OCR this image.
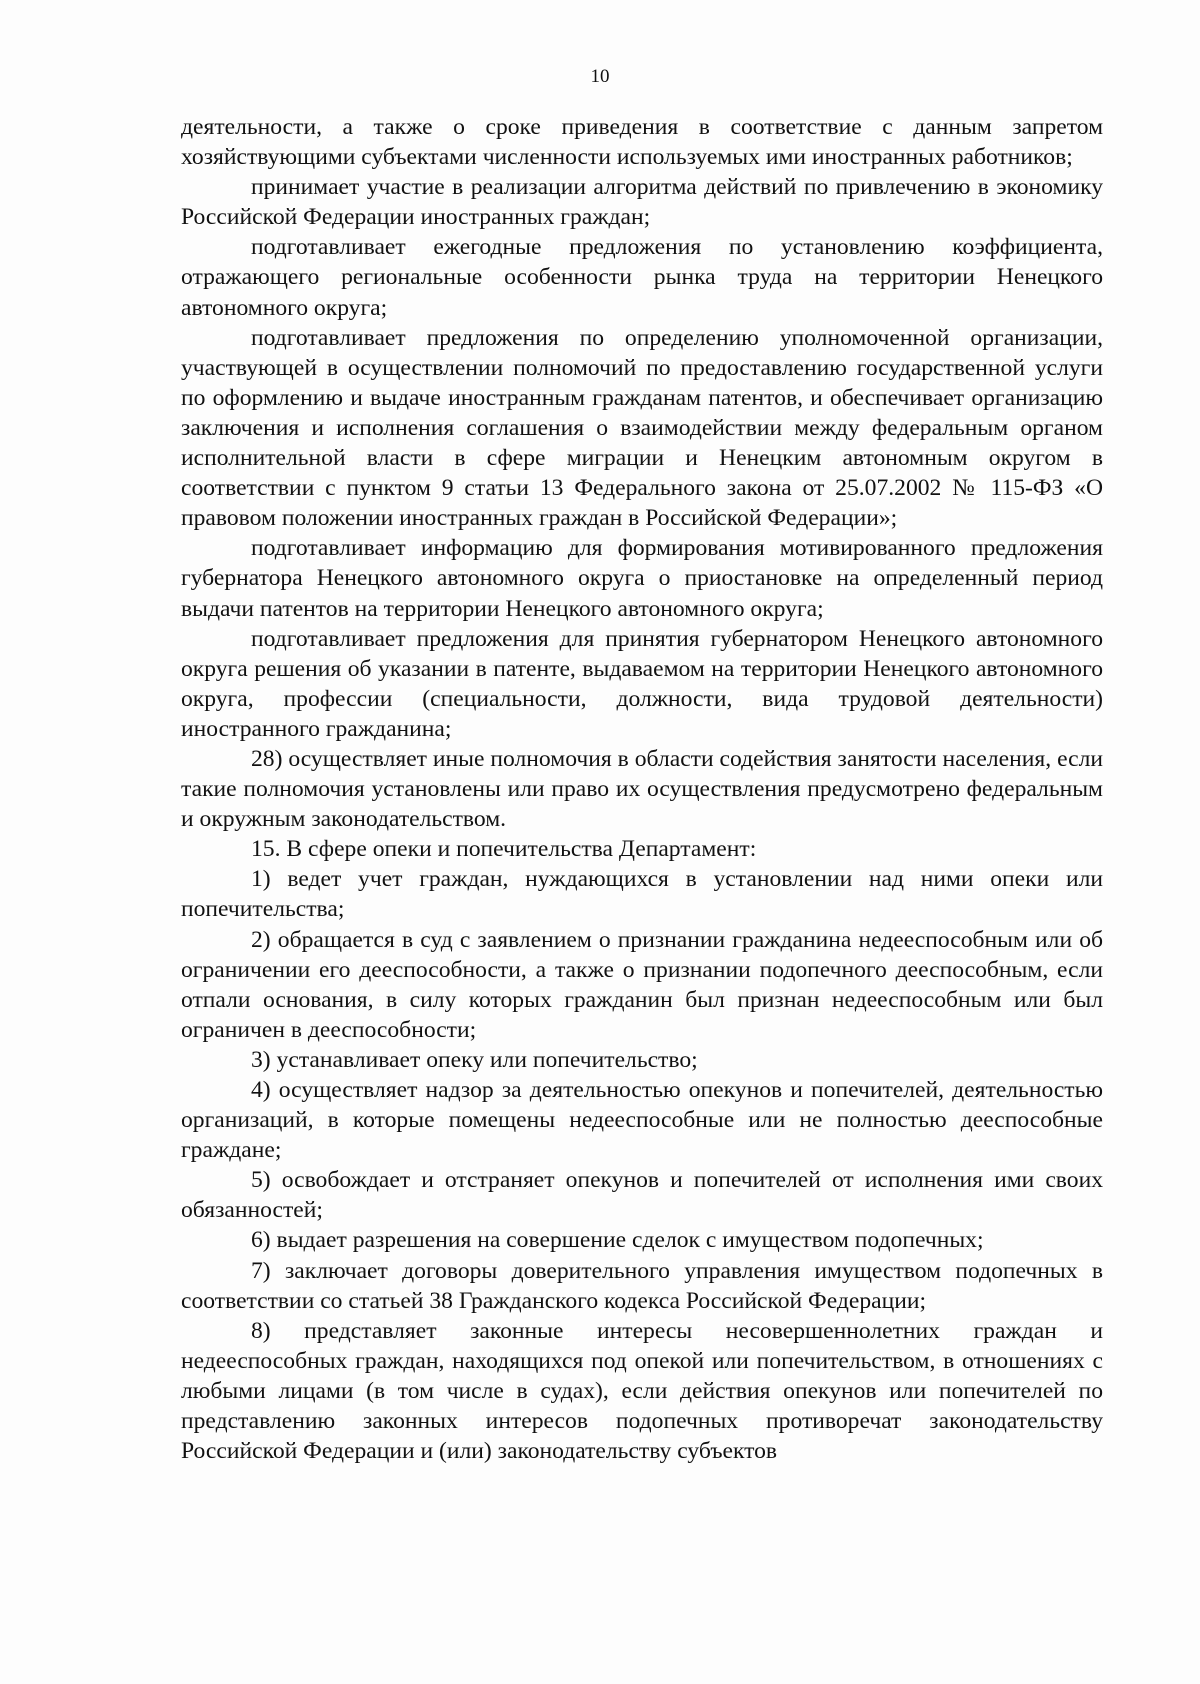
10

деятельности, а также о сроке приведения в соответствие с данным запретом хозяйствующими субъектами численности используемых ими иностранных работников;

принимает участие в реализации алгоритма действий по привлечению в экономику Российской Федерации иностранных граждан;

подготавливает ежегодные предложения по установлению коэффициента, отражающего региональные особенности рынка труда на территории Ненецкого автономного округа;

подготавливает предложения по определению уполномоченной организации, участвующей в осуществлении полномочий по предоставлению государственной услуги по оформлению и выдаче иностранным гражданам патентов, и обеспечивает организацию заключения и исполнения соглашения о взаимодействии между федеральным органом исполнительной власти в сфере миграции и Ненецким автономным округом в соответствии с пунктом 9 статьи 13 Федерального закона от 25.07.2002 № 115-ФЗ «О правовом положении иностранных граждан в Российской Федерации»;

подготавливает информацию для формирования мотивированного предложения губернатора Ненецкого автономного округа о приостановке на определенный период выдачи патентов на территории Ненецкого автономного округа;

подготавливает предложения для принятия губернатором Ненецкого автономного округа решения об указании в патенте, выдаваемом на территории Ненецкого автономного округа, профессии (специальности, должности, вида трудовой деятельности) иностранного гражданина;

28) осуществляет иные полномочия в области содействия занятости населения, если такие полномочия установлены или право их осуществления предусмотрено федеральным и окружным законодательством.

15. В сфере опеки и попечительства Департамент:

1) ведет учет граждан, нуждающихся в установлении над ними опеки или попечительства;

2) обращается в суд с заявлением о признании гражданина недееспособным или об ограничении его дееспособности, а также о признании подопечного дееспособным, если отпали основания, в силу которых гражданин был признан недееспособным или был ограничен в дееспособности;

3) устанавливает опеку или попечительство;

4) осуществляет надзор за деятельностью опекунов и попечителей, деятельностью организаций, в которые помещены недееспособные или не полностью дееспособные граждане;

5) освобождает и отстраняет опекунов и попечителей от исполнения ими своих обязанностей;

6) выдает разрешения на совершение сделок с имуществом подопечных;

7) заключает договоры доверительного управления имуществом подопечных в соответствии со статьей 38 Гражданского кодекса Российской Федерации;

8) представляет законные интересы несовершеннолетних граждан и недееспособных граждан, находящихся под опекой или попечительством, в отношениях с любыми лицами (в том числе в судах), если действия опекунов или попечителей по представлению законных интересов подопечных противоречат законодательству Российской Федерации и (или) законодательству субъектов
